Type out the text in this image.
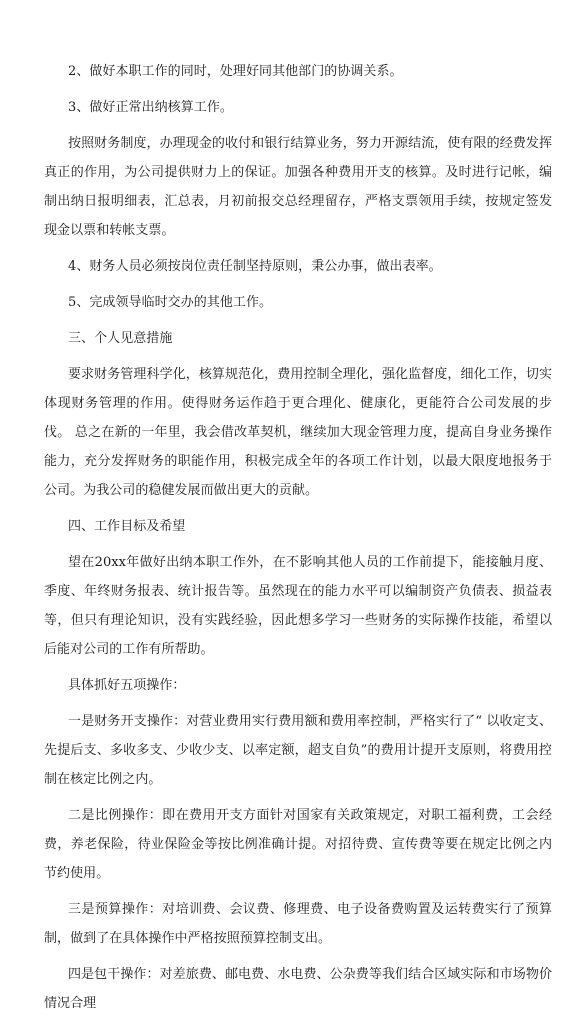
2、做好本职工作的同时，处理好同其他部门的协调关系。

3、做好正常出纳核算工作。

按照财务制度，办理现金的收付和银行结算业务，努力开源结流，使有限的经费发挥真正的作用，为公司提供财力上的保证。加强各种费用开支的核算。及时进行记帐，编制出纳日报明细表，汇总表，月初前报交总经理留存，严格支票领用手续，按规定签发现金以票和转帐支票。

4、财务人员必须按岗位责任制坚持原则，秉公办事，做出表率。

5、完成领导临时交办的其他工作。

三、个人见意措施

要求财务管理科学化，核算规范化，费用控制全理化，强化监督度，细化工作，切实体现财务管理的作用。使得财务运作趋于更合理化、健康化，更能符合公司发展的步伐。 总之在新的一年里，我会借改革契机，继续加大现金管理力度，提高自身业务操作能力，充分发挥财务的职能作用，积极完成全年的各项工作计划，以最大限度地报务于公司。为我公司的稳健发展而做出更大的贡献。

四、工作目标及希望

望在20xx年做好出纳本职工作外，在不影响其他人员的工作前提下，能接触月度、季度、年终财务报表、统计报告等。虽然现在的能力水平可以编制资产负债表、损益表等，但只有理论知识，没有实践经验，因此想多学习一些财务的实际操作技能，希望以后能对公司的工作有所帮助。

具体抓好五项操作：

一是财务开支操作：对营业费用实行费用额和费用率控制，严格实行了“ 以收定支、先提后支、多收多支、少收少支、以率定额，超支自负”的费用计提开支原则，将费用控制在核定比例之内。

二是比例操作：即在费用开支方面针对国家有关政策规定，对职工福利费，工会经费，养老保险，待业保险金等按比例准确计提。对招待费、宣传费等要在规定比例之内节约使用。

三是预算操作：对培训费、会议费、修理费、电子设备费购置及运转费实行了预算制，做到了在具体操作中严格按照预算控制支出。

四是包干操作：对差旅费、邮电费、水电费、公杂费等我们结合区域实际和市场物价情况合理
